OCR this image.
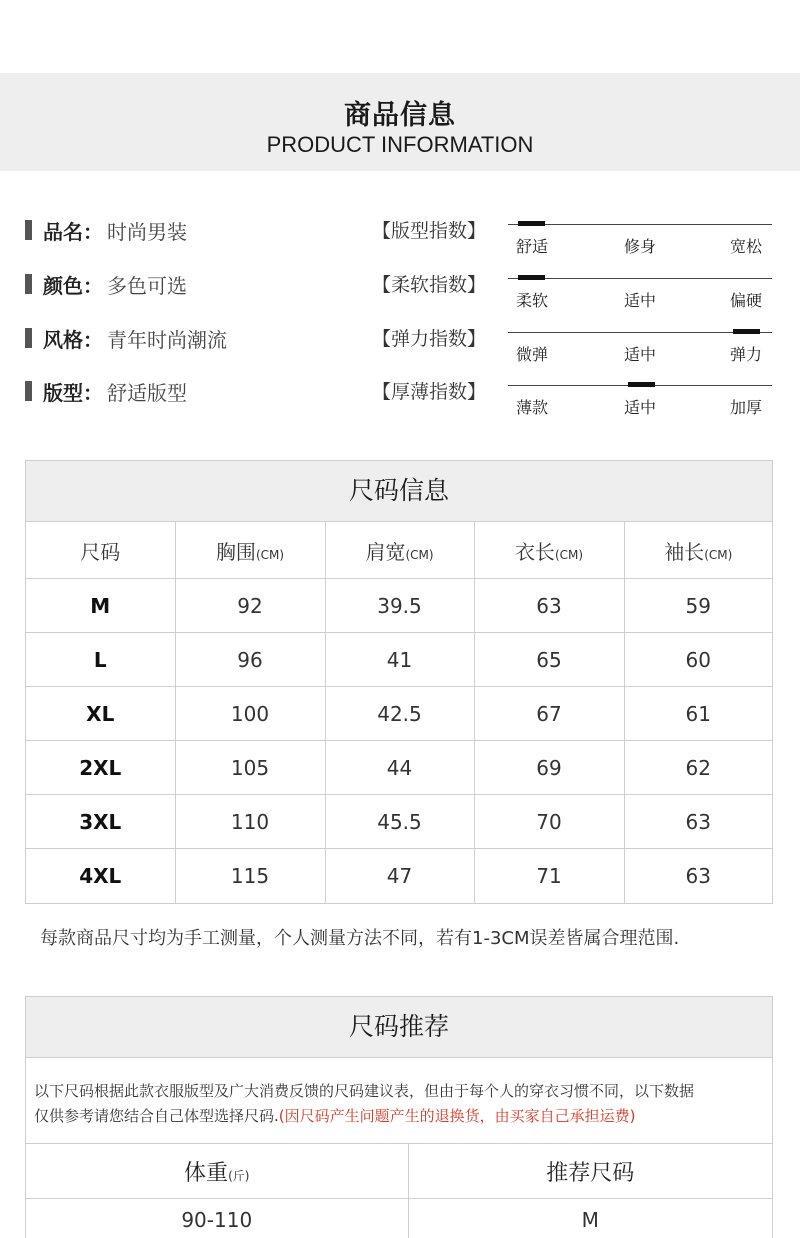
商品信息
PRODUCT INFORMATION
品名 ： 时尚男装
颜色 ： 多色可选
风格 ： 青年时尚潮流
版型 ： 舒适版型
【版型指数】
【柔软指数】
【弹力指数】
【厚薄指数】
舒适	修身	宽松
柔软	适中	偏硬
微弹	适中	弹力
薄款	适中	加厚
尺码信息
尺码	胸围(CM)	肩宽(CM)	衣长(CM)	袖长(CM)
M	92	39.5	63	59
L	96	41	65	60
XL	100	42.5	67	61
2XL	105	44	69	62
3XL	110	45.5	70	63
4XL	115	47	71	63
每款商品尺寸均为手工测量，个人测量方法不同，若有1-3CM误差皆属合理范围.
尺码推荐
以下尺码根据此款衣服版型及广大消费反馈的尺码建议表，但由于每个人的穿衣习惯不同，以下数据
仅供参考请您结合自己体型选择尺码.(因尺码产生问题产生的退换货，由买家自己承担运费)
体重(斤)	推荐尺码
90-110	M
